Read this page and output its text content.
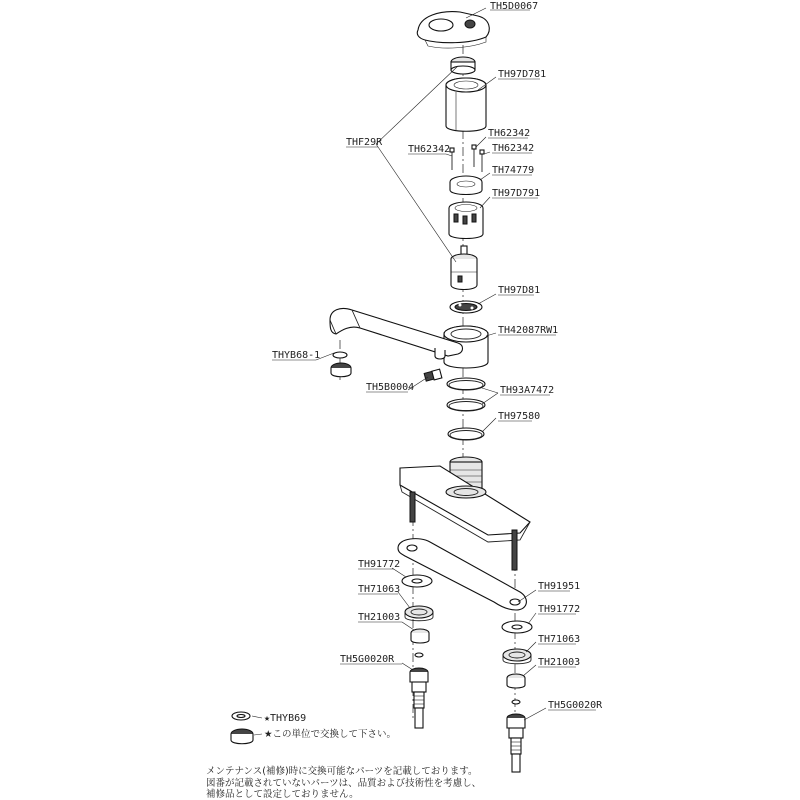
TH5D0067
TH97D781
THF29R
TH62342
TH62342	TH62342
TH74779
TH97D791
TH97D81
TH42087RW1
THYB68-1
TH5B0004	TH93A7472
TH97580
TH91772
TH71063
TH21003
TH5G0020R
TH91951
TH91772
TH71063
TH21003
TH5G0020R
★THYB69
★この単位で交換して下さい。
メンテナンス(補修)時に交換可能なパーツを記載しております。
図番が記載されていないパーツは、品質および技術性を考慮し、
補修品として設定しておりません。
